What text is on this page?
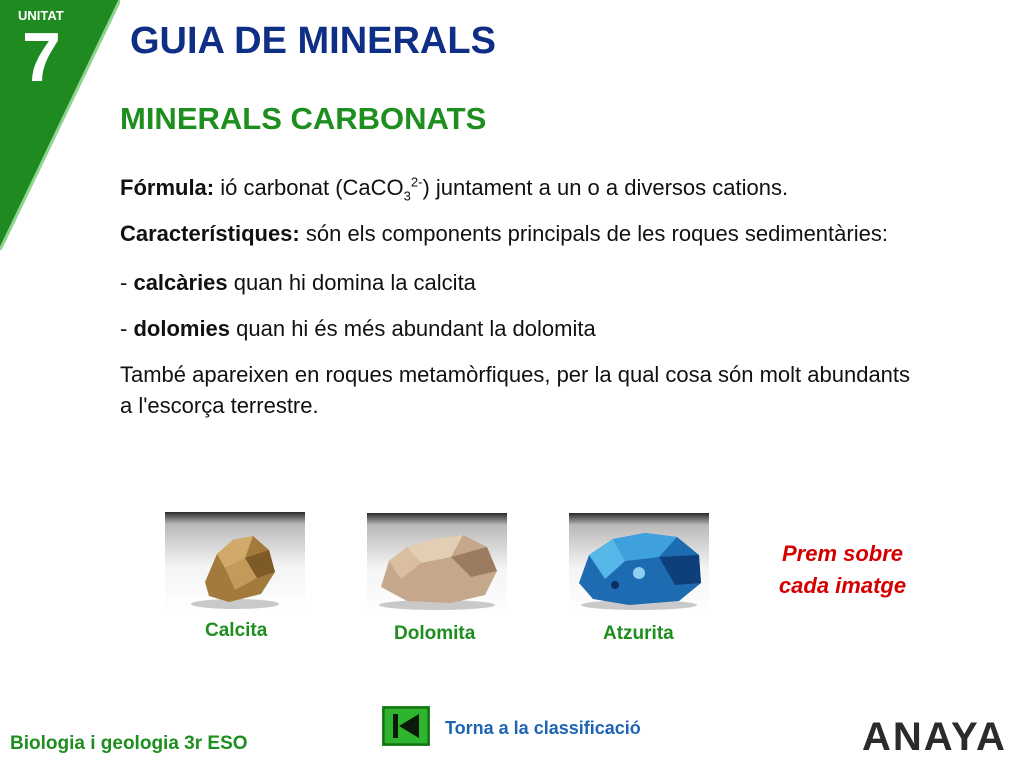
UNITAT
7 GUIA DE MINERALS
MINERALS CARBONATS

Fórmula: ió carbonat (CaCO$_3^{2-}$) juntament a un o a diversos cations.

Característiques: són els components principals de les roques sedimentàries:

- calcàries quan hi domina la calcita

- dolomies quan hi és més abundant la dolomita

També apareixen en roques metamòrfiques, per la qual cosa són molt abundants a l'escorça terrestre.

Calcita	Dolomita	Atzurita
Prem sobre
cada imatge
Biologia i geologia 3r ESO
Torna a la classificació	ANAYA
